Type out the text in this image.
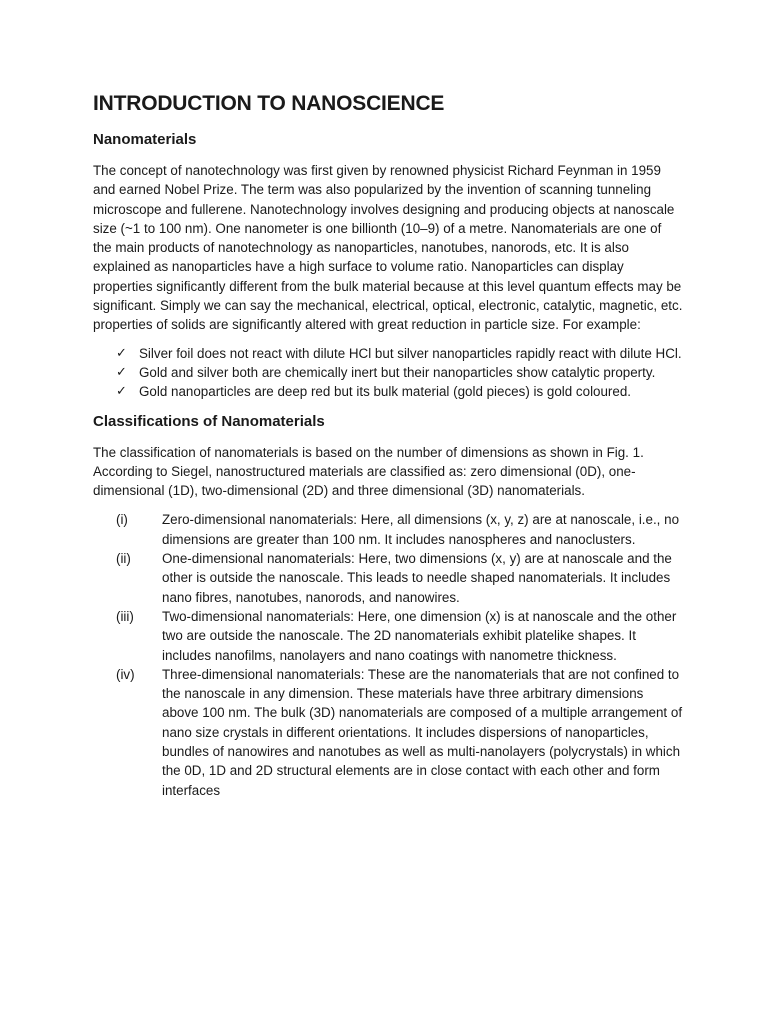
INTRODUCTION TO NANOSCIENCE
Nanomaterials

The concept of nanotechnology was first given by renowned physicist Richard Feynman in 1959 and earned Nobel Prize. The term was also popularized by the invention of scanning tunneling microscope and fullerene. Nanotechnology involves designing and producing objects at nanoscale size (~1 to 100 nm). One nanometer is one billionth (10–9) of a metre. Nanomaterials are one of the main products of nanotechnology as nanoparticles, nanotubes, nanorods, etc. It is also explained as nanoparticles have a high surface to volume ratio. Nanoparticles can display properties significantly different from the bulk material because at this level quantum effects may be significant. Simply we can say the mechanical, electrical, optical, electronic, catalytic, magnetic, etc. properties of solids are significantly altered with great reduction in particle size. For example:

✓ Silver foil does not react with dilute HCl but silver nanoparticles rapidly react with dilute HCl.
✓ Gold and silver both are chemically inert but their nanoparticles show catalytic property.
✓ Gold nanoparticles are deep red but its bulk material (gold pieces) is gold coloured.
Classifications of Nanomaterials

The classification of nanomaterials is based on the number of dimensions as shown in Fig. 1. According to Siegel, nanostructured materials are classified as: zero dimensional (0D), one-dimensional (1D), two-dimensional (2D) and three dimensional (3D) nanomaterials.

(i)	Zero-dimensional nanomaterials: Here, all dimensions (x, y, z) are at nanoscale, i.e., no dimensions are greater than 100 nm. It includes nanospheres and nanoclusters.
(ii) One-dimensional nanomaterials: Here, two dimensions (x, y) are at nanoscale and the other is outside the nanoscale. This leads to needle shaped nanomaterials. It includes nano fibres, nanotubes, nanorods, and nanowires.
(iii) Two-dimensional nanomaterials: Here, one dimension (x) is at nanoscale and the other two are outside the nanoscale. The 2D nanomaterials exhibit platelike shapes. It includes nanofilms, nanolayers and nano coatings with nanometre thickness.
(iv) Three-dimensional nanomaterials: These are the nanomaterials that are not confined to the nanoscale in any dimension. These materials have three arbitrary dimensions above 100 nm. The bulk (3D) nanomaterials are composed of a multiple arrangement of nano size crystals in different orientations. It includes dispersions of nanoparticles, bundles of nanowires and nanotubes as well as multi-nanolayers (polycrystals) in which the 0D, 1D and 2D structural elements are in close contact with each other and form interfaces
